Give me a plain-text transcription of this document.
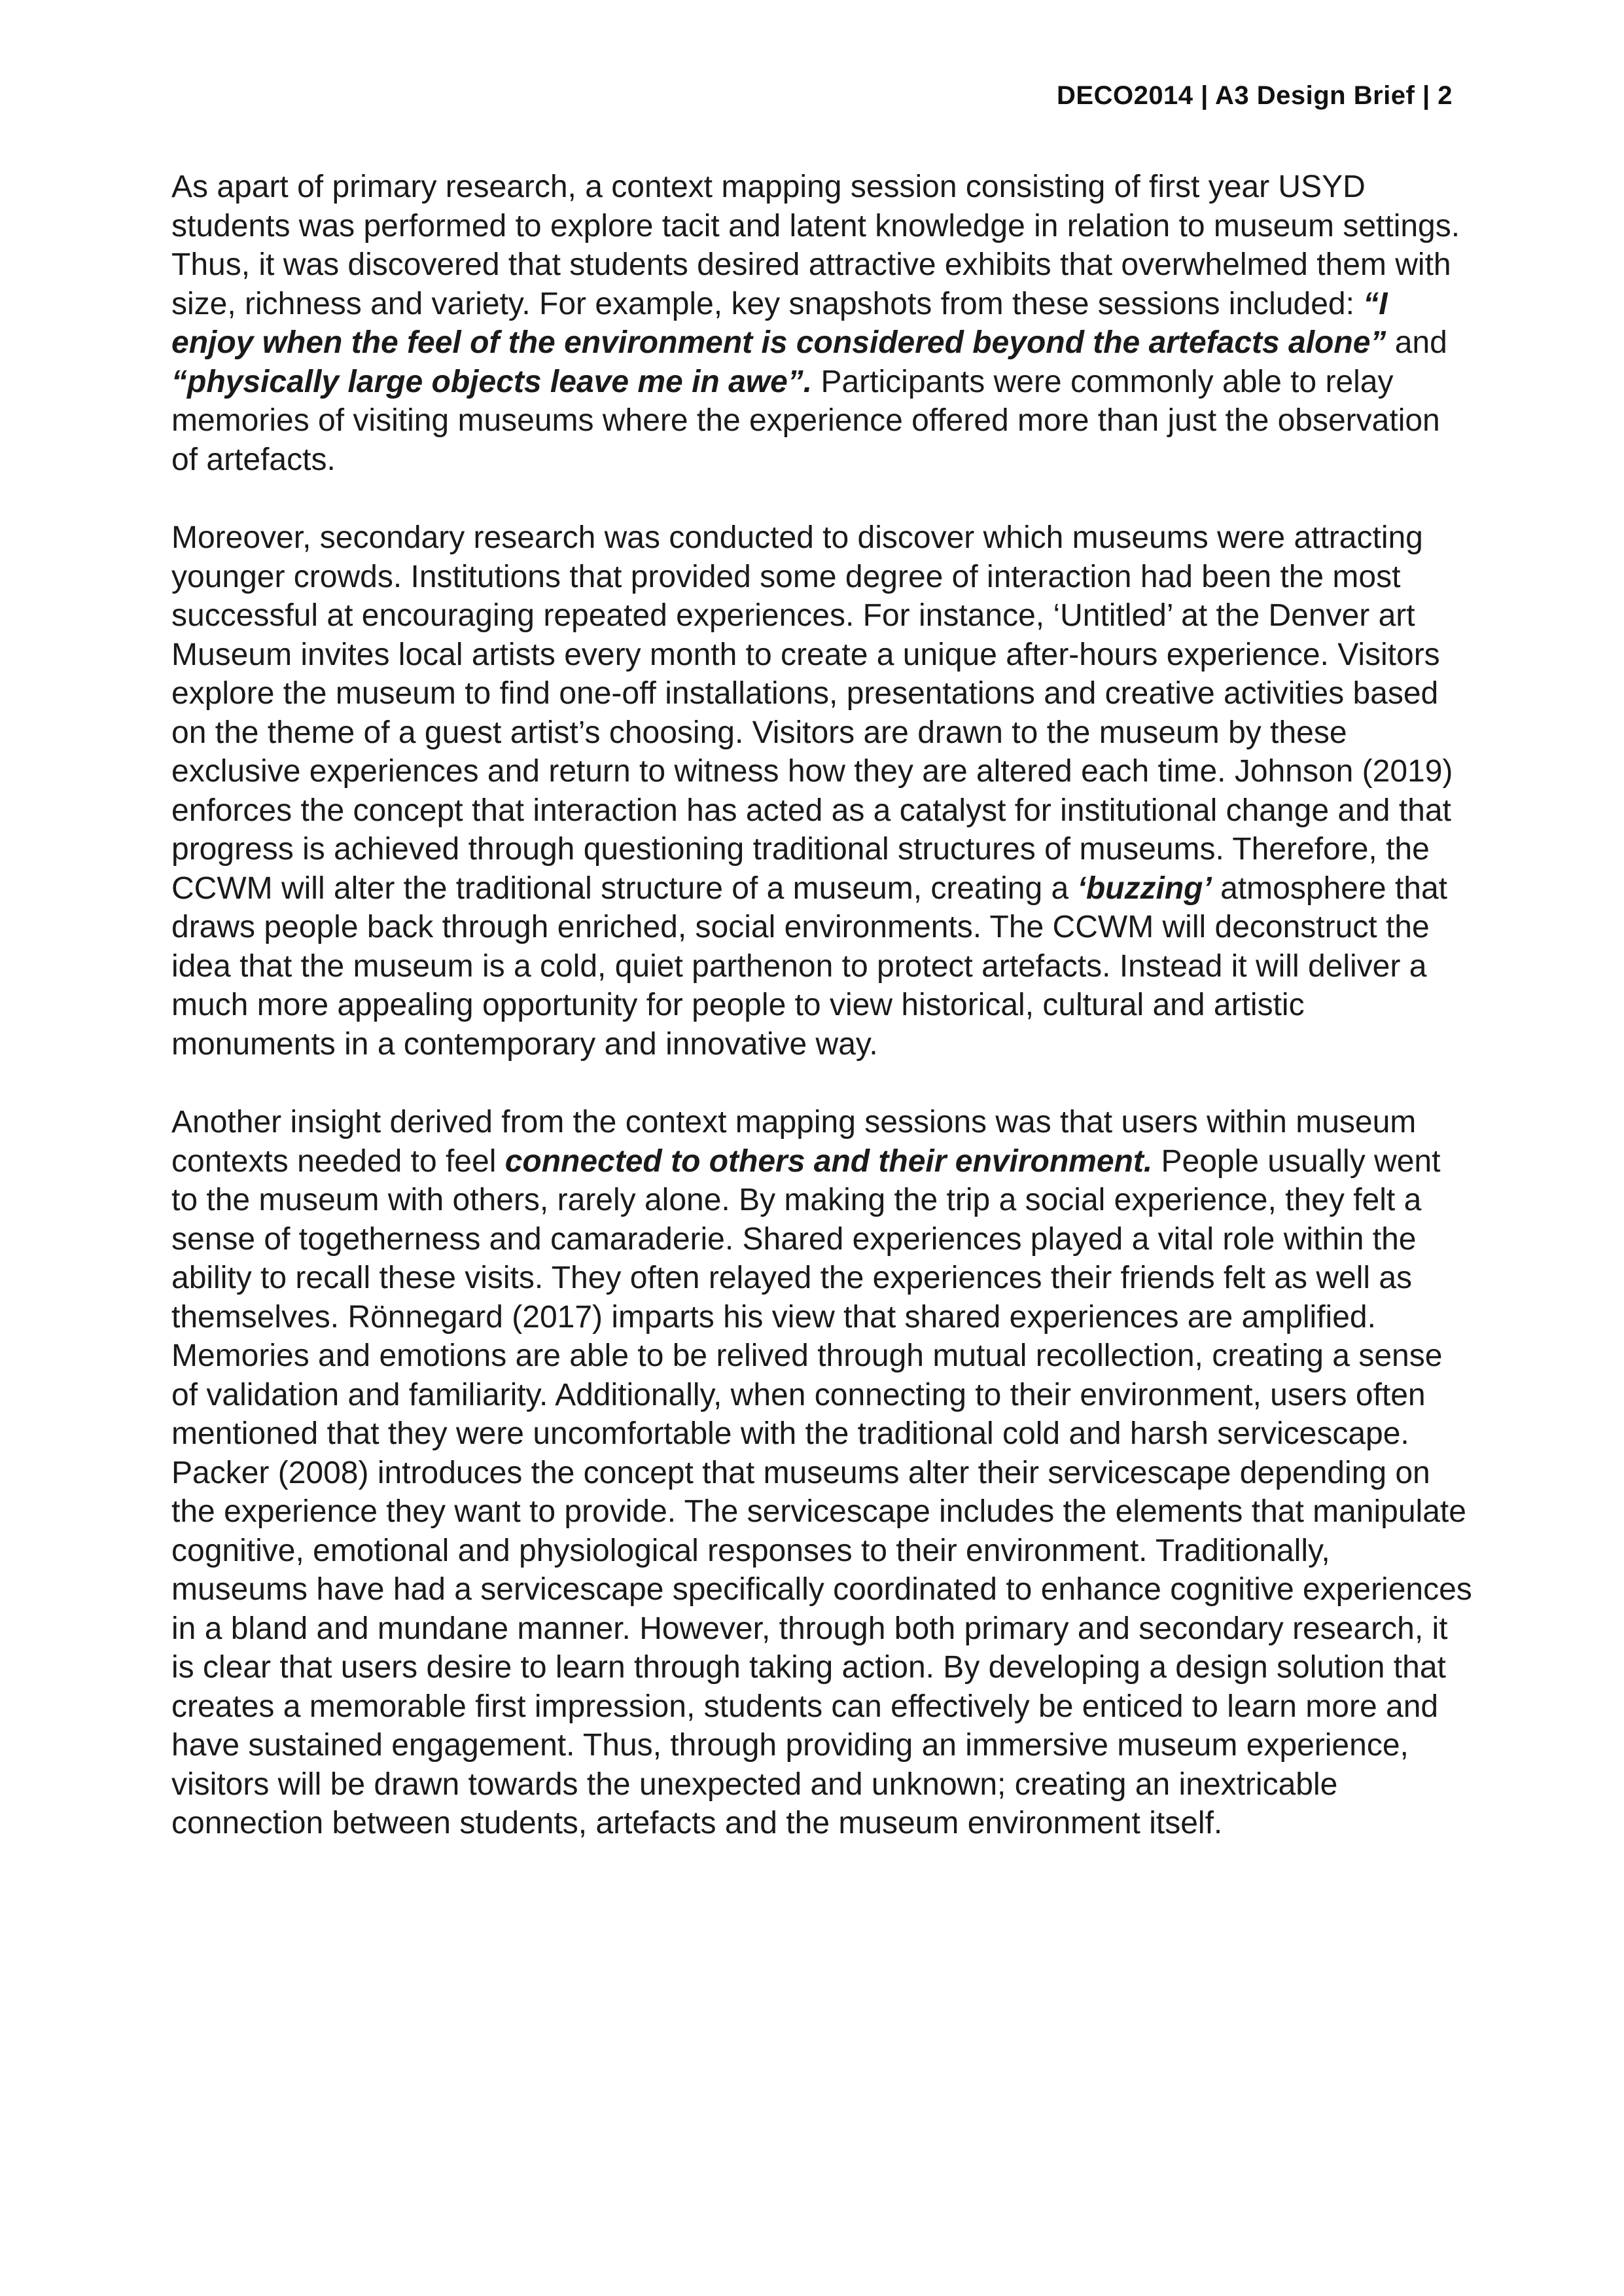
DECO2014 | A3 Design Brief | 2

As apart of primary research, a context mapping session consisting of first year USYD students was performed to explore tacit and latent knowledge in relation to museum settings. Thus, it was discovered that students desired attractive exhibits that overwhelmed them with size, richness and variety. For example, key snapshots from these sessions included: “I enjoy when the feel of the environment is considered beyond the artefacts alone” and “physically large objects leave me in awe”. Participants were commonly able to relay memories of visiting museums where the experience offered more than just the observation of artefacts.

Moreover, secondary research was conducted to discover which museums were attracting younger crowds. Institutions that provided some degree of interaction had been the most successful at encouraging repeated experiences. For instance, ‘Untitled’ at the Denver art Museum invites local artists every month to create a unique after-hours experience. Visitors explore the museum to find one-off installations, presentations and creative activities based on the theme of a guest artist’s choosing. Visitors are drawn to the museum by these exclusive experiences and return to witness how they are altered each time. Johnson (2019) enforces the concept that interaction has acted as a catalyst for institutional change and that progress is achieved through questioning traditional structures of museums. Therefore, the CCWM will alter the traditional structure of a museum, creating a ‘buzzing’ atmosphere that draws people back through enriched, social environments. The CCWM will deconstruct the idea that the museum is a cold, quiet parthenon to protect artefacts. Instead it will deliver a much more appealing opportunity for people to view historical, cultural and artistic monuments in a contemporary and innovative way.

Another insight derived from the context mapping sessions was that users within museum contexts needed to feel connected to others and their environment. People usually went to the museum with others, rarely alone. By making the trip a social experience, they felt a sense of togetherness and camaraderie. Shared experiences played a vital role within the ability to recall these visits. They often relayed the experiences their friends felt as well as themselves. Rönnegard (2017) imparts his view that shared experiences are amplified. Memories and emotions are able to be relived through mutual recollection, creating a sense of validation and familiarity. Additionally, when connecting to their environment, users often mentioned that they were uncomfortable with the traditional cold and harsh servicescape. Packer (2008) introduces the concept that museums alter their servicescape depending on the experience they want to provide. The servicescape includes the elements that manipulate cognitive, emotional and physiological responses to their environment. Traditionally, museums have had a servicescape specifically coordinated to enhance cognitive experiences in a bland and mundane manner. However, through both primary and secondary research, it is clear that users desire to learn through taking action. By developing a design solution that creates a memorable first impression, students can effectively be enticed to learn more and have sustained engagement. Thus, through providing an immersive museum experience, visitors will be drawn towards the unexpected and unknown; creating an inextricable connection between students, artefacts and the museum environment itself.
